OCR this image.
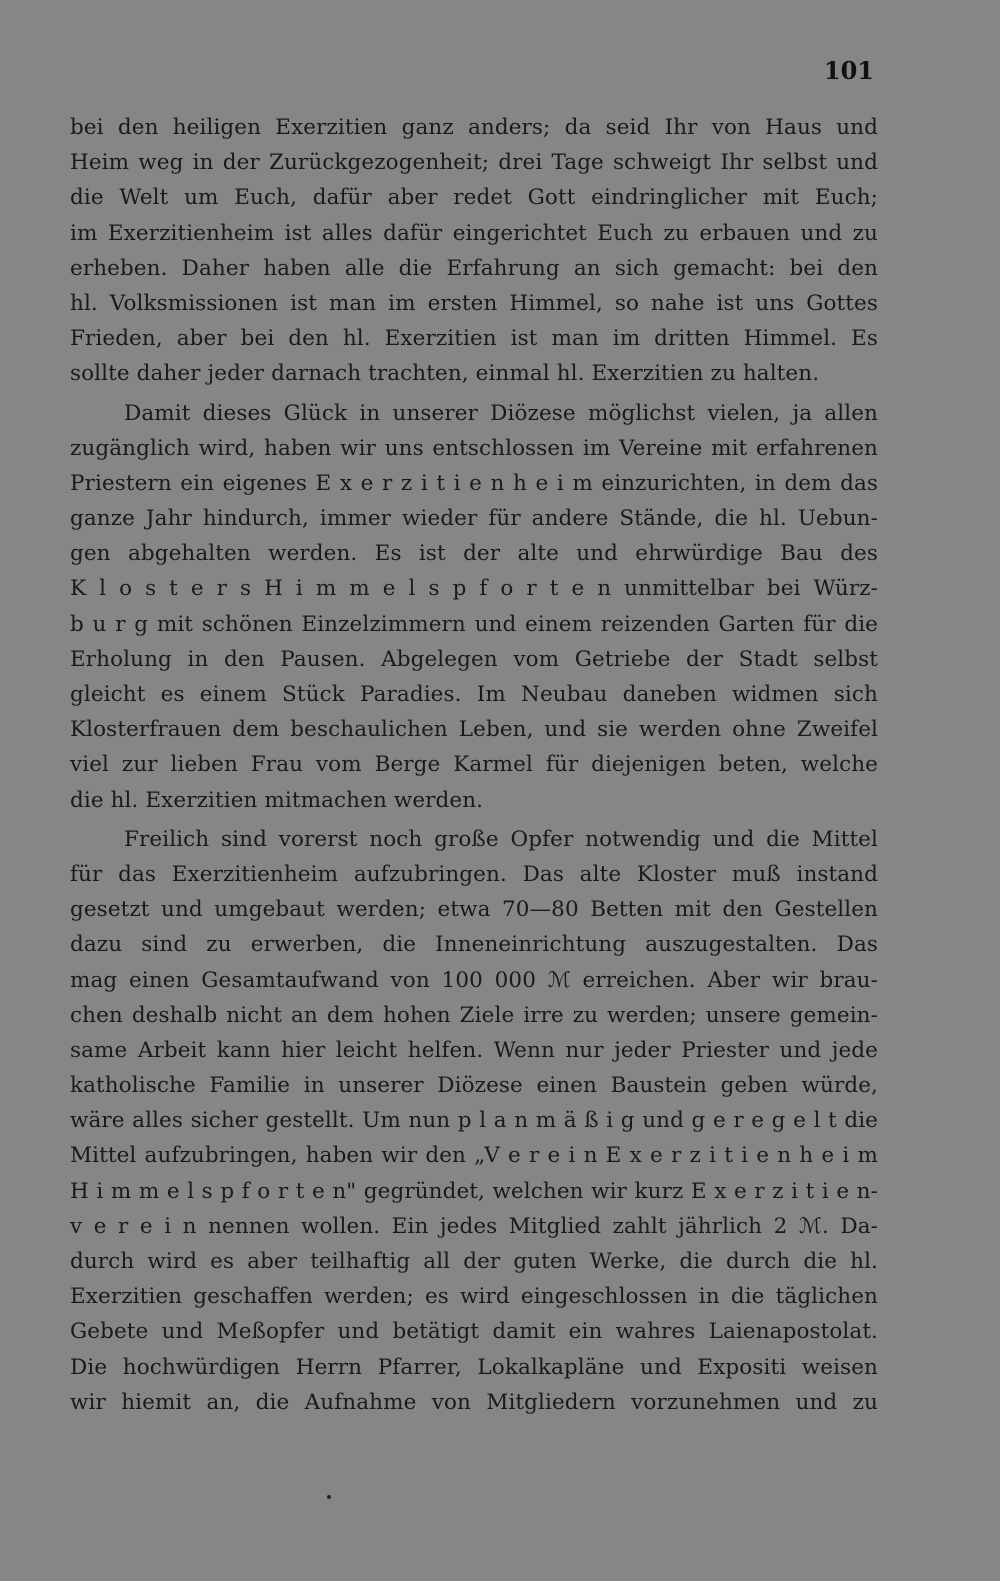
101
bei den heiligen Exerzitien ganz anders; da seid Ihr von Haus und
Heim weg in der Zurückgezogenheit; drei Tage schweigt Ihr selbst und
die Welt um Euch, dafür aber redet Gott eindringlicher mit Euch;
im Exerzitienheim ist alles dafür eingerichtet Euch zu erbauen und zu
erheben. Daher haben alle die Erfahrung an sich gemacht: bei den
hl. Volksmissionen ist man im ersten Himmel, so nahe ist uns Gottes
Frieden, aber bei den hl. Exerzitien ist man im dritten Himmel. Es
sollte daher jeder darnach trachten, einmal hl. Exerzitien zu halten.
Damit dieses Glück in unserer Diözese möglichst vielen, ja allen
zugänglich wird, haben wir uns entschlossen im Vereine mit erfahrenen
Priestern ein eigenes E x e r z i t i e n h e i m einzurichten, in dem das
ganze Jahr hindurch, immer wieder für andere Stände, die hl. Uebun-
gen abgehalten werden. Es ist der alte und ehrwürdige Bau des
K l o s t e r s H i m m e l s p f o r t e n unmittelbar bei Würz-
b u r g mit schönen Einzelzimmern und einem reizenden Garten für die
Erholung in den Pausen. Abgelegen vom Getriebe der Stadt selbst
gleicht es einem Stück Paradies. Im Neubau daneben widmen sich
Klosterfrauen dem beschaulichen Leben, und sie werden ohne Zweifel
viel zur lieben Frau vom Berge Karmel für diejenigen beten, welche
die hl. Exerzitien mitmachen werden.
Freilich sind vorerst noch große Opfer notwendig und die Mittel
für das Exerzitienheim aufzubringen. Das alte Kloster muß instand
gesetzt und umgebaut werden; etwa 70—80 Betten mit den Gestellen
dazu sind zu erwerben, die Inneneinrichtung auszugestalten. Das
mag einen Gesamtaufwand von 100 000 ℳ erreichen. Aber wir brau-
chen deshalb nicht an dem hohen Ziele irre zu werden; unsere gemein-
same Arbeit kann hier leicht helfen. Wenn nur jeder Priester und jede
katholische Familie in unserer Diözese einen Baustein geben würde,
wäre alles sicher gestellt. Um nun p l a n m ä ß i g und g e r e g e l t die
Mittel aufzubringen, haben wir den „V e r e i n E x e r z i t i e n h e i m
H i m m e l s p f o r t e n" gegründet, welchen wir kurz E x e r z i t i e n-
v e r e i n nennen wollen. Ein jedes Mitglied zahlt jährlich 2 ℳ. Da-
durch wird es aber teilhaftig all der guten Werke, die durch die hl.
Exerzitien geschaffen werden; es wird eingeschlossen in die täglichen
Gebete und Meßopfer und betätigt damit ein wahres Laienapostolat.
Die hochwürdigen Herrn Pfarrer, Lokalkapläne und Expositi weisen
wir hiemit an, die Aufnahme von Mitgliedern vorzunehmen und zu
